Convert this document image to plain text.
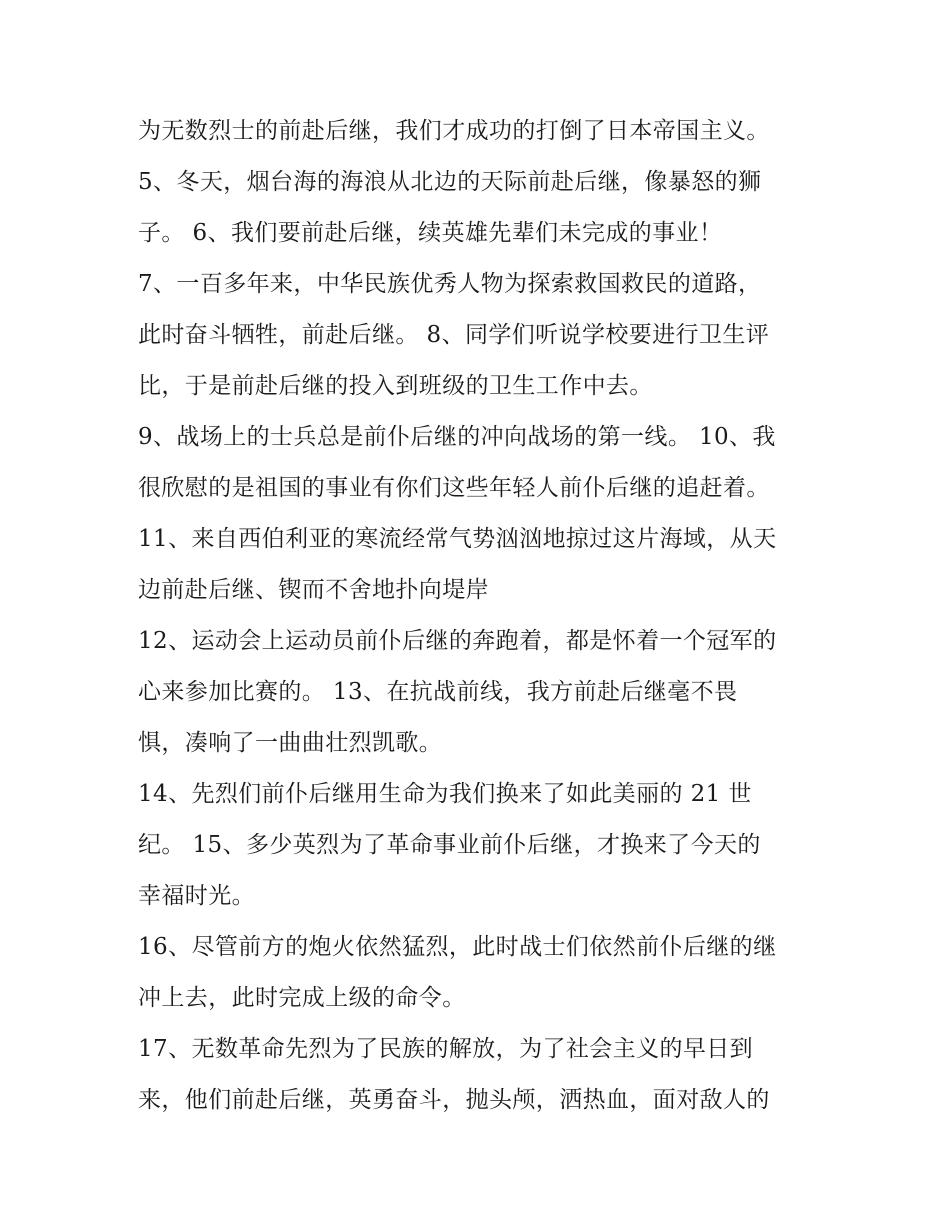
为无数烈士的前赴后继，我们才成功的打倒了日本帝国主义。
5、冬天，烟台海的海浪从北边的天际前赴后继，像暴怒的狮
子。 6、我们要前赴后继，续英雄先辈们未完成的事业！
7、一百多年来，中华民族优秀人物为探索救国救民的道路，
此时奋斗牺牲，前赴后继。 8、同学们听说学校要进行卫生评
比，于是前赴后继的投入到班级的卫生工作中去。
9、战场上的士兵总是前仆后继的冲向战场的第一线。 10、我
很欣慰的是祖国的事业有你们这些年轻人前仆后继的追赶着。
11、来自西伯利亚的寒流经常气势汹汹地掠过这片海域，从天
边前赴后继、锲而不舍地扑向堤岸
12、运动会上运动员前仆后继的奔跑着，都是怀着一个冠军的
心来参加比赛的。 13、在抗战前线，我方前赴后继毫不畏
惧，凑响了一曲曲壮烈凯歌。
14、先烈们前仆后继用生命为我们换来了如此美丽的 21 世
纪。 15、多少英烈为了革命事业前仆后继，才换来了今天的
幸福时光。
16、尽管前方的炮火依然猛烈，此时战士们依然前仆后继的继
冲上去，此时完成上级的命令。
17、无数革命先烈为了民族的解放，为了社会主义的早日到
来，他们前赴后继，英勇奋斗，抛头颅，洒热血，面对敌人的
